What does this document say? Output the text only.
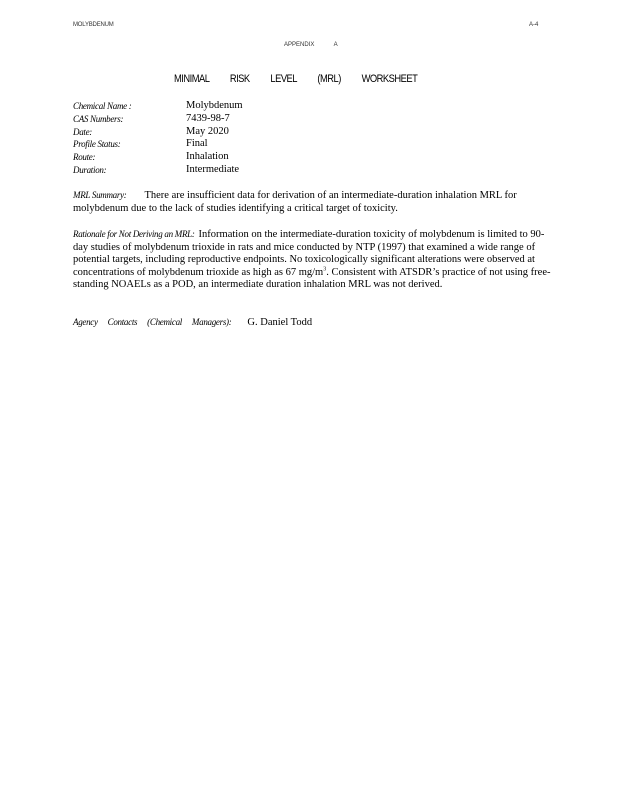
MOLYBDENUM	A-4
APPENDIX A
MINIMAL RISK LEVEL (MRL) WORKSHEET
Chemical Name :	Molybdenum
CAS Numbers:	7439-98-7
Date:	May 2020
Profile Status:	Final
Route:	Inhalation
Duration:	Intermediate
MRL Summary: There are insufficient data for derivation of an intermediate-duration inhalation MRL for molybdenum due to the lack of studies identifying a critical target of toxicity.
Rationale for Not Deriving an MRL: Information on the intermediate-duration toxicity of molybdenum is limited to 90-day studies of molybdenum trioxide in rats and mice conducted by NTP (1997) that examined a wide range of potential targets, including reproductive endpoints. No toxicologically significant alterations were observed at concentrations of molybdenum trioxide as high as 67 $mg/m^3$. Consistent with ATSDR’s practice of not using free-standing NOAELs as a POD, an intermediate duration inhalation MRL was not derived.
Agency Contacts (Chemical Managers): G. Daniel Todd
